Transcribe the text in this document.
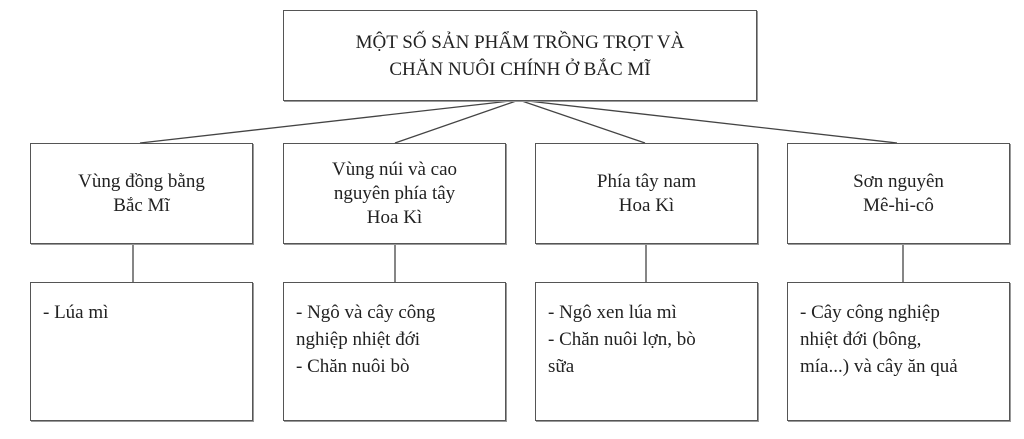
MỘT SỐ SẢN PHẨM TRỒNG TRỌT VÀ
CHĂN NUÔI CHÍNH Ở BẮC MĨ
Vùng đồng bằng
Bắc Mĩ
Vùng núi và cao
nguyên phía tây
Hoa Kì
Phía tây nam
Hoa Kì
Sơn nguyên
Mê-hi-cô
- Lúa mì	- Ngô và cây công
nghiệp nhiệt đới
- Chăn nuôi bò
- Ngô xen lúa mì
- Chăn nuôi lợn, bò
sữa
- Cây công nghiệp
nhiệt đới (bông,
mía...) và cây ăn quả
